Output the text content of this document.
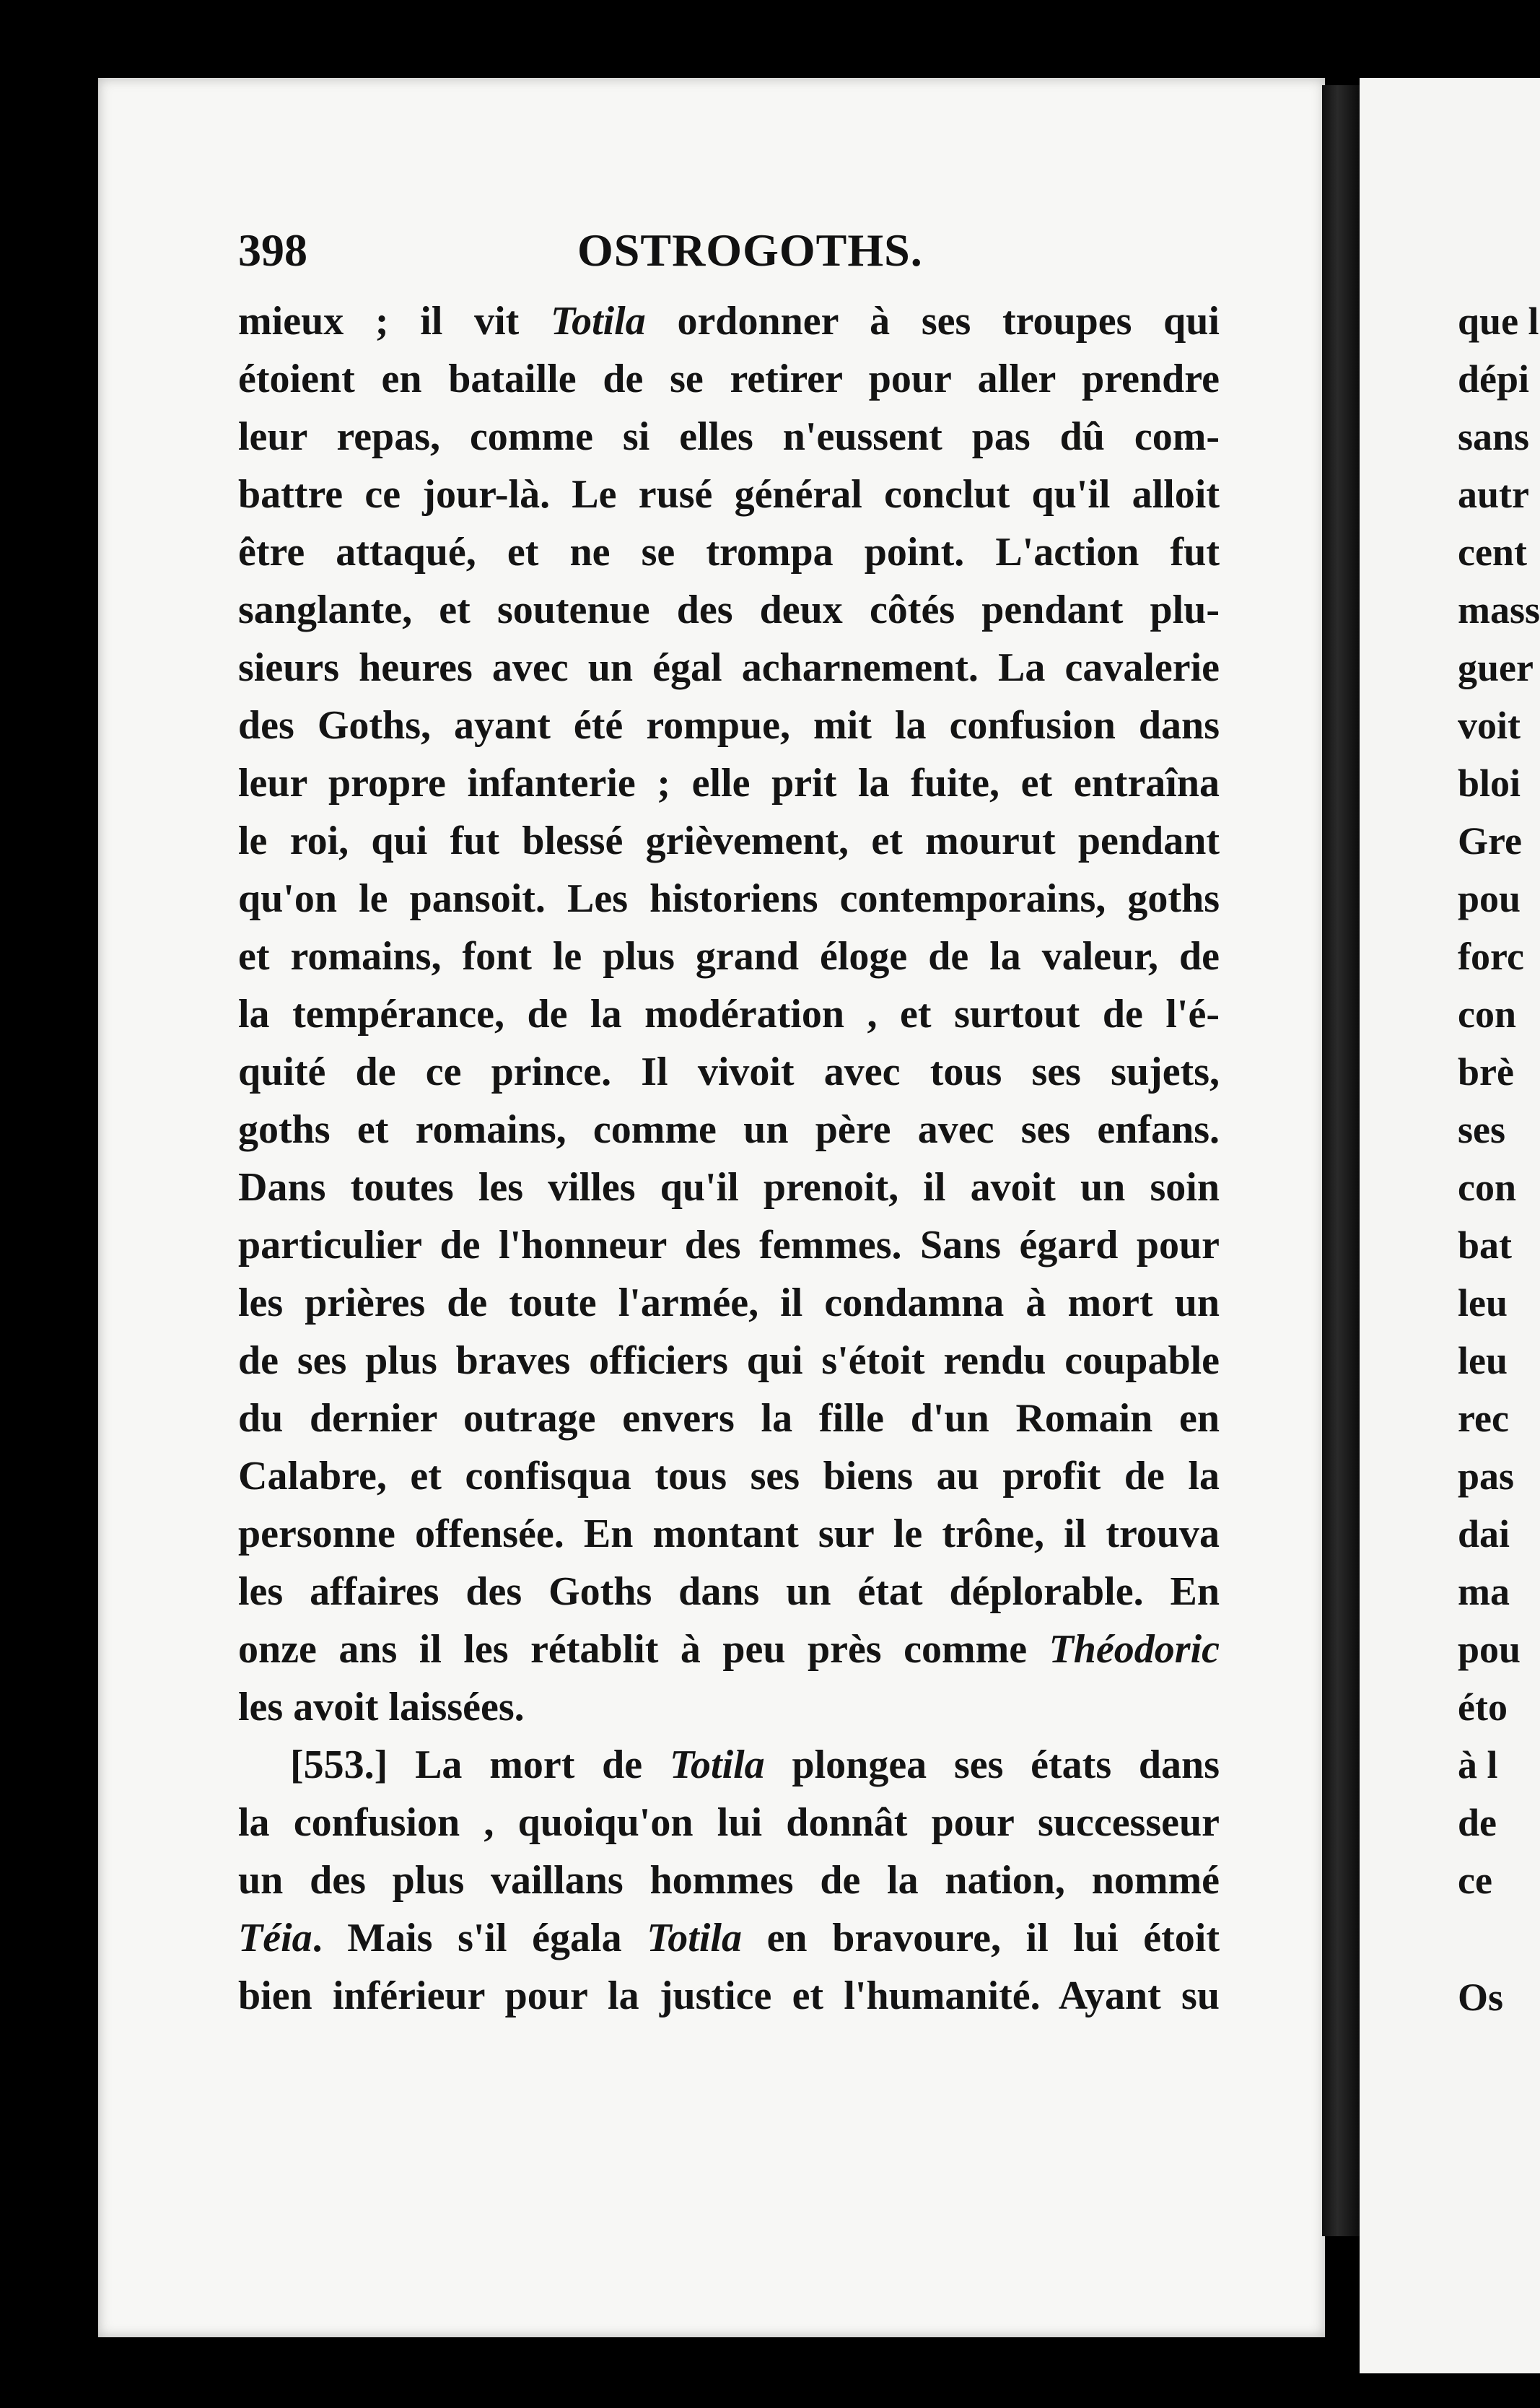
398	OSTROGOTHS.
mieux ; il vit Totila ordonner à ses troupes qui
étoient en bataille de se retirer pour aller prendre
leur repas, comme si elles n'eussent pas dû com-
battre ce jour-là. Le rusé général conclut qu'il alloit
être attaqué, et ne se trompa point. L'action fut
sanglante, et soutenue des deux côtés pendant plu-
sieurs heures avec un égal acharnement. La cavalerie
des Goths, ayant été rompue, mit la confusion dans
leur propre infanterie ; elle prit la fuite, et entraîna
le roi, qui fut blessé grièvement, et mourut pendant
qu'on le pansoit. Les historiens contemporains, goths
et romains, font le plus grand éloge de la valeur, de
la tempérance, de la modération , et surtout de l'é-
quité de ce prince. Il vivoit avec tous ses sujets,
goths et romains, comme un père avec ses enfans.
Dans toutes les villes qu'il prenoit, il avoit un soin
particulier de l'honneur des femmes. Sans égard pour
les prières de toute l'armée, il condamna à mort un
de ses plus braves officiers qui s'étoit rendu coupable
du dernier outrage envers la fille d'un Romain en
Calabre, et confisqua tous ses biens au profit de la
personne offensée. En montant sur le trône, il trouva
les affaires des Goths dans un état déplorable. En
onze ans il les rétablit à peu près comme Théodoric
les avoit laissées.
[553.] La mort de Totila plongea ses états dans
la confusion , quoiqu'on lui donnât pour successeur
un des plus vaillans hommes de la nation, nommé
Téia. Mais s'il égala Totila en bravoure, il lui étoit
bien inférieur pour la justice et l'humanité. Ayant su
que l
dépi
sans
autr
cent
mass
guer
voit
bloi
Gre
pou
forc
con
brè
ses
con
bat
leu
leu
rec
pas
dai
ma
pou
éto
à l
de
ce
Os
